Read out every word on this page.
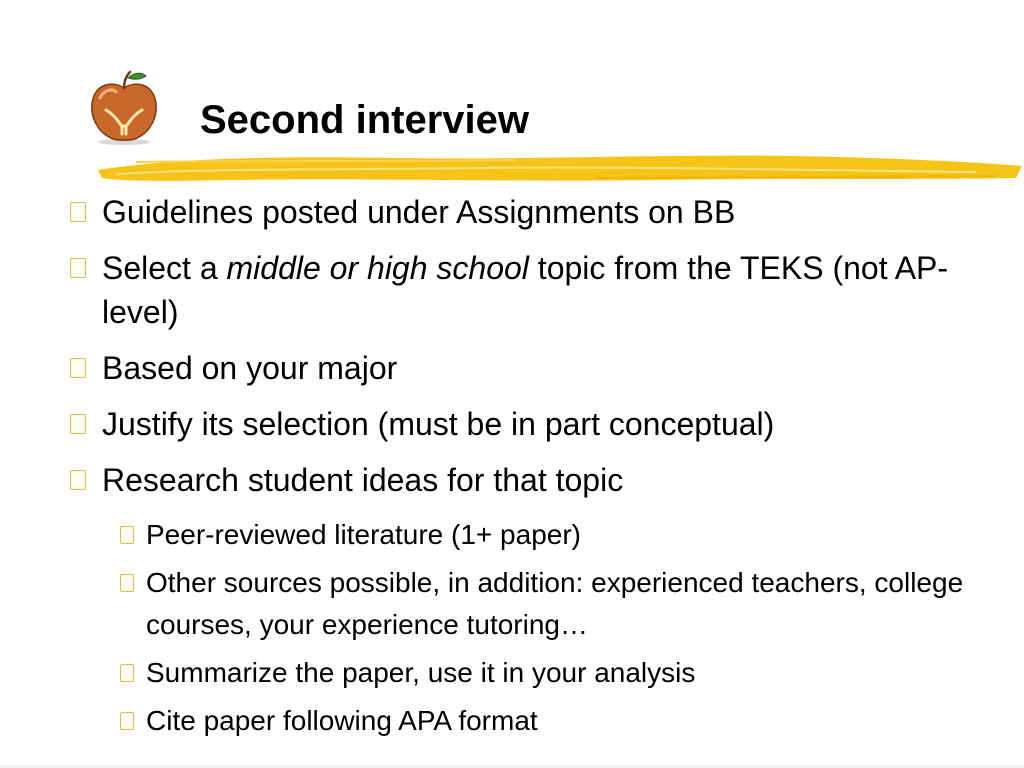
Second interview
Guidelines posted under Assignments on BB
Select a middle or high school topic from the TEKS (not AP-level)
Based on your major
Justify its selection (must be in part conceptual)
Research student ideas for that topic
Peer-reviewed literature (1+ paper)
Other sources possible, in addition: experienced teachers, college courses, your experience tutoring…
Summarize the paper, use it in your analysis
Cite paper following APA format
